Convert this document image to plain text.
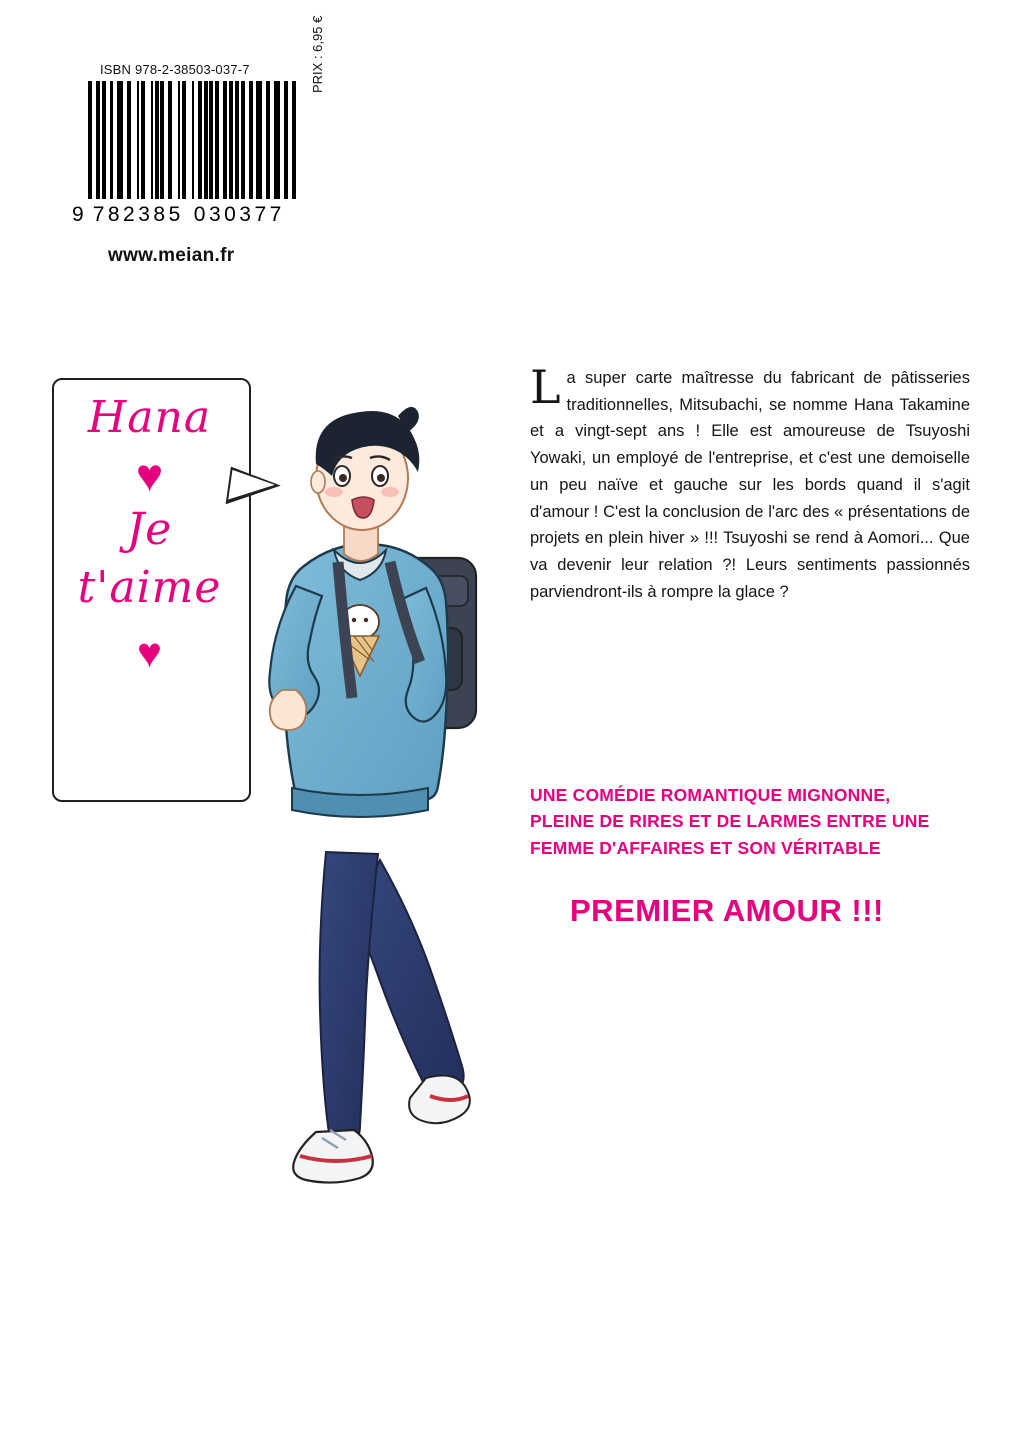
ISBN 978-2-38503-037-7
9 782385 030377
PRIX : 6,95 €
www.meian.fr
Hana
♥
Je
t'aime
♥
La super carte maîtresse du fabricant de pâtisseries traditionnelles, Mitsubachi, se nomme Hana Takamine et a vingt-sept ans ! Elle est amoureuse de Tsuyoshi Yowaki, un employé de l'entreprise, et c'est une demoiselle un peu naïve et gauche sur les bords quand il s'agit d'amour ! C'est la conclusion de l'arc des « présentations de projets en plein hiver » !!! Tsuyoshi se rend à Aomori... Que va devenir leur relation ?! Leurs sentiments passionnés parviendront-ils à rompre la glace ?
UNE COMÉDIE ROMANTIQUE MIGNONNE,
PLEINE DE RIRES ET DE LARMES ENTRE UNE
FEMME D'AFFAIRES ET SON VÉRITABLE
PREMIER AMOUR !!!
